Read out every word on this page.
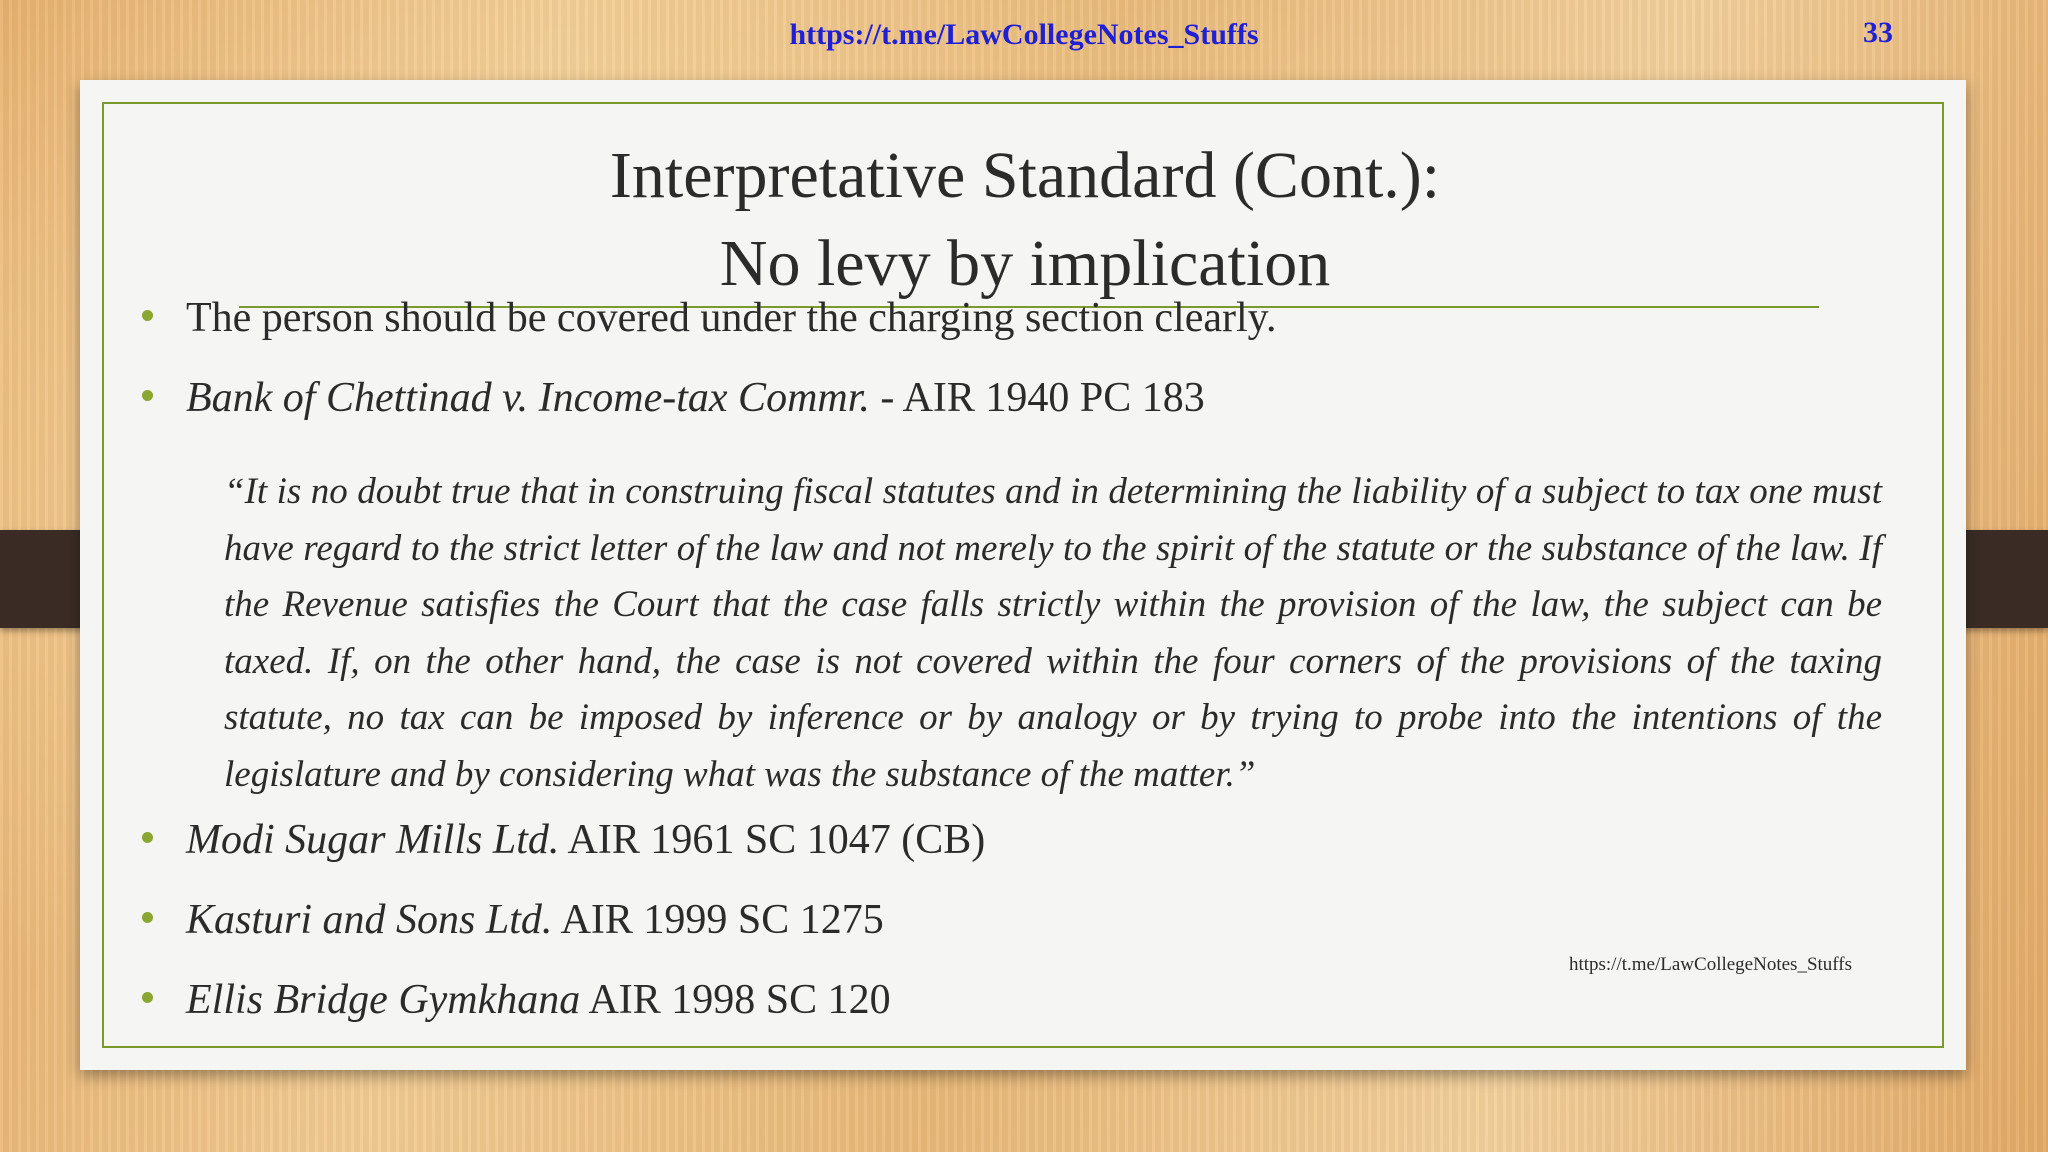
https://t.me/LawCollegeNotes_Stuffs	33
Interpretative Standard (Cont.):
No levy by implication
The person should be covered under the charging section clearly.
Bank of Chettinad v. Income-tax Commr. - AIR 1940 PC 183
“It is no doubt true that in construing fiscal statutes and in determining the liability of a subject to tax one must have regard to the strict letter of the law and not merely to the spirit of the statute or the substance of the law. If the Revenue satisfies the Court that the case falls strictly within the provision of the law, the subject can be taxed. If, on the other hand, the case is not covered within the four corners of the provisions of the taxing statute, no tax can be imposed by inference or by analogy or by trying to probe into the intentions of the legislature and by considering what was the substance of the matter.”
Modi Sugar Mills Ltd. AIR 1961 SC 1047 (CB)
Kasturi and Sons Ltd. AIR 1999 SC 1275
Ellis Bridge Gymkhana AIR 1998 SC 120
https://t.me/LawCollegeNotes_Stuffs
